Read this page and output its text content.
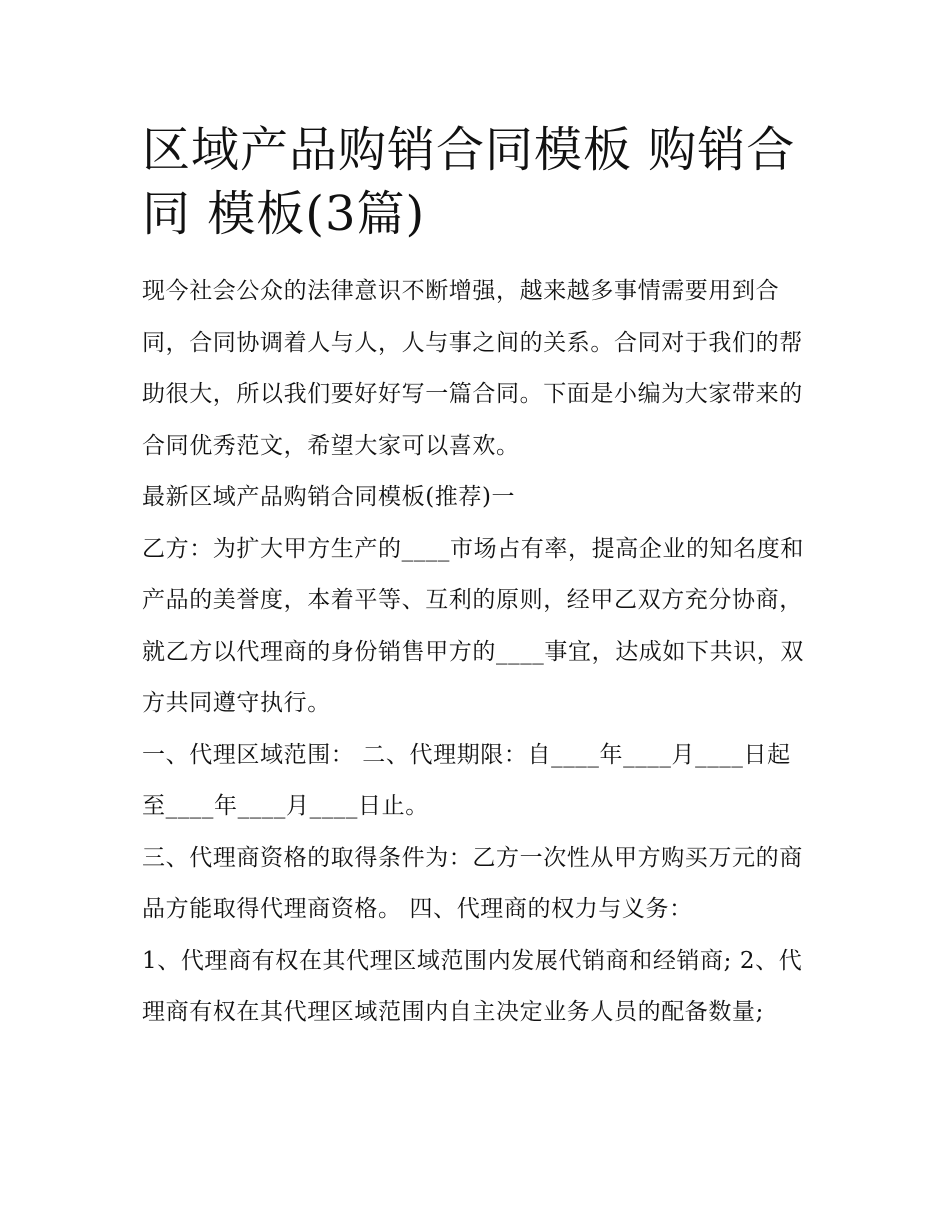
区域产品购销合同模板 购销合同 模板(3篇)

现今社会公众的法律意识不断增强，越来越多事情需要用到合同，合同协调着人与人，人与事之间的关系。合同对于我们的帮助很大，所以我们要好好写一篇合同。下面是小编为大家带来的合同优秀范文，希望大家可以喜欢。

最新区域产品购销合同模板(推荐)一

乙方：为扩大甲方生产的____市场占有率，提高企业的知名度和产品的美誉度，本着平等、互利的原则，经甲乙双方充分协商，就乙方以代理商的身份销售甲方的____事宜，达成如下共识，双方共同遵守执行。

一、代理区域范围： 二、代理期限：自____年____月____日起至____年____月____日止。

三、代理商资格的取得条件为：乙方一次性从甲方购买万元的商品方能取得代理商资格。 四、代理商的权力与义务：

1、代理商有权在其代理区域范围内发展代销商和经销商; 2、代理商有权在其代理区域范围内自主决定业务人员的配备数量;
